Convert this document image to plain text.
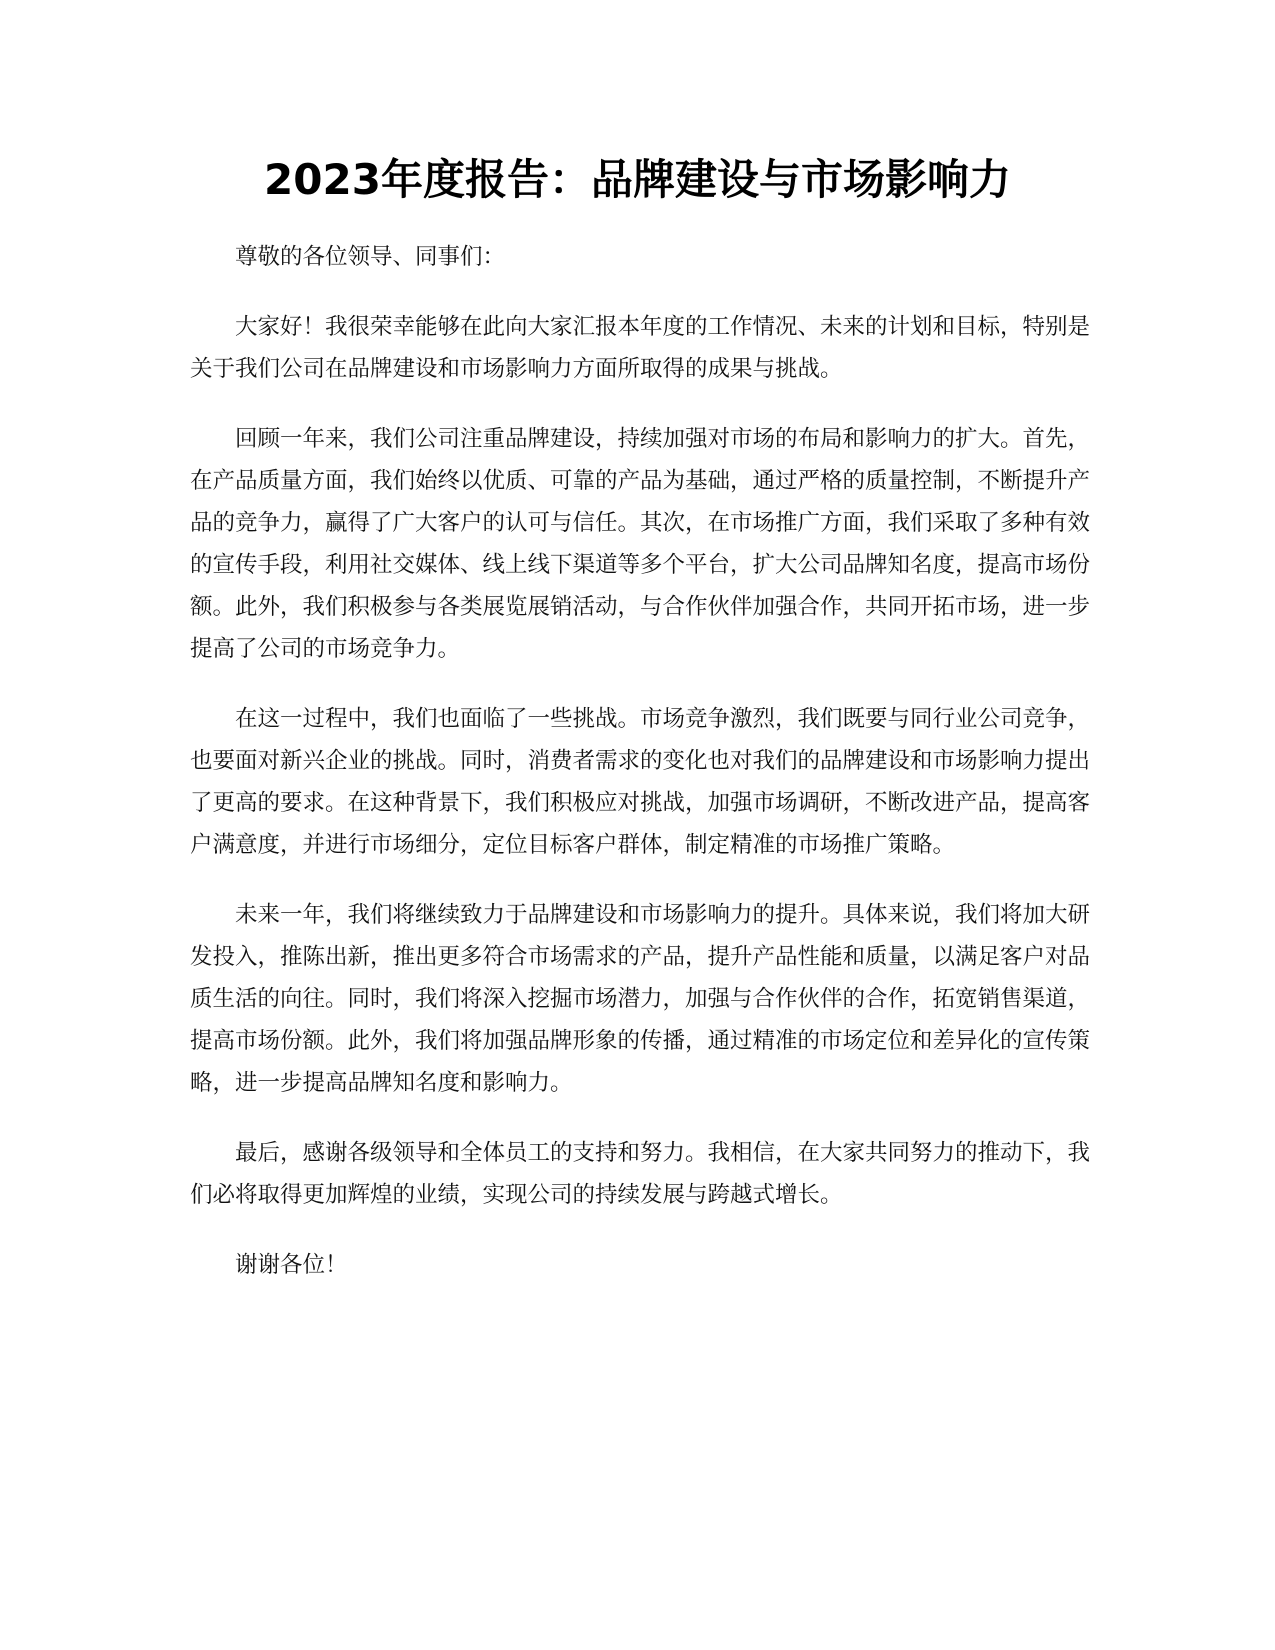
2023年度报告：品牌建设与市场影响力

尊敬的各位领导、同事们：

大家好！我很荣幸能够在此向大家汇报本年度的工作情况、未来的计划和目标，特别是关于我们公司在品牌建设和市场影响力方面所取得的成果与挑战。

回顾一年来，我们公司注重品牌建设，持续加强对市场的布局和影响力的扩大。首先，在产品质量方面，我们始终以优质、可靠的产品为基础，通过严格的质量控制，不断提升产品的竞争力，赢得了广大客户的认可与信任。其次，在市场推广方面，我们采取了多种有效的宣传手段，利用社交媒体、线上线下渠道等多个平台，扩大公司品牌知名度，提高市场份额。此外，我们积极参与各类展览展销活动，与合作伙伴加强合作，共同开拓市场，进一步提高了公司的市场竞争力。

在这一过程中，我们也面临了一些挑战。市场竞争激烈，我们既要与同行业公司竞争，也要面对新兴企业的挑战。同时，消费者需求的变化也对我们的品牌建设和市场影响力提出了更高的要求。在这种背景下，我们积极应对挑战，加强市场调研，不断改进产品，提高客户满意度，并进行市场细分，定位目标客户群体，制定精准的市场推广策略。

未来一年，我们将继续致力于品牌建设和市场影响力的提升。具体来说，我们将加大研发投入，推陈出新，推出更多符合市场需求的产品，提升产品性能和质量，以满足客户对品质生活的向往。同时，我们将深入挖掘市场潜力，加强与合作伙伴的合作，拓宽销售渠道，提高市场份额。此外，我们将加强品牌形象的传播，通过精准的市场定位和差异化的宣传策略，进一步提高品牌知名度和影响力。

最后，感谢各级领导和全体员工的支持和努力。我相信，在大家共同努力的推动下，我们必将取得更加辉煌的业绩，实现公司的持续发展与跨越式增长。

谢谢各位！
